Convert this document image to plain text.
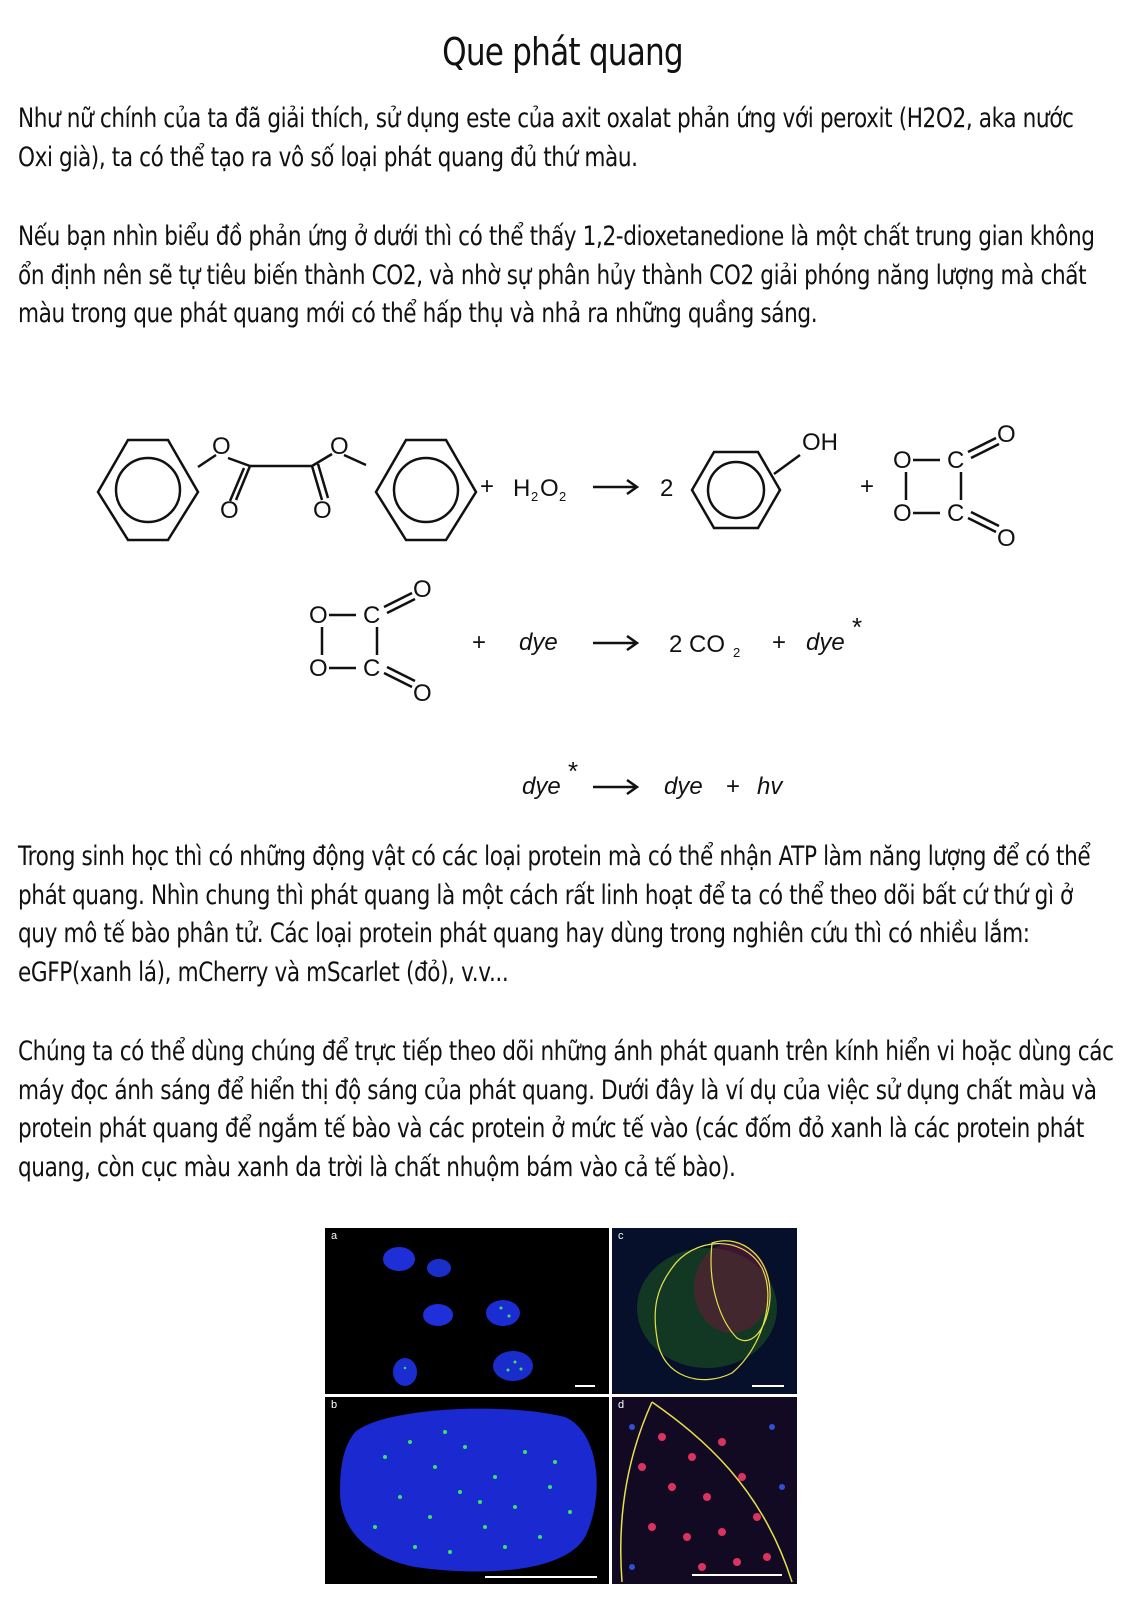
Que phát quang
Như nữ chính của ta đã giải thích, sử dụng este của axit oxalat phản ứng với peroxit (H2O2, aka nước Oxi già), ta có thể tạo ra vô số loại phát quang đủ thứ màu.
Nếu bạn nhìn biểu đồ phản ứng ở dưới thì có thể thấy 1,2-dioxetanedione là một chất trung gian không ổn định nên sẽ tự tiêu biến thành CO2, và nhờ sự phân hủy thành CO2 giải phóng năng lượng mà chất màu trong que phát quang mới có thể hấp thụ và nhả ra những quầng sáng.
O
O	O
O
+ H 2 O 2	2
OH
+
O C
O
O C
O
O C
O
O C
O
+ dye	2 CO 2 + dye
*
dye
*
dye + hv
Trong sinh học thì có những động vật có các loại protein mà có thể nhận ATP làm năng lượng để có thể phát quang. Nhìn chung thì phát quang là một cách rất linh hoạt để ta có thể theo dõi bất cứ thứ gì ở quy mô tế bào phân tử. Các loại protein phát quang hay dùng trong nghiên cứu thì có nhiều lắm: eGFP(xanh lá), mCherry và mScarlet (đỏ), v.v...
Chúng ta có thể dùng chúng để trực tiếp theo dõi những ánh phát quanh trên kính hiển vi hoặc dùng các máy đọc ánh sáng để hiển thị độ sáng của phát quang. Dưới đây là ví dụ của việc sử dụng chất màu và protein phát quang để ngắm tế bào và các protein ở mức tế vào (các đốm đỏ xanh là các protein phát quang, còn cục màu xanh da trời là chất nhuộm bám vào cả tế bào).
a	c
b	d
